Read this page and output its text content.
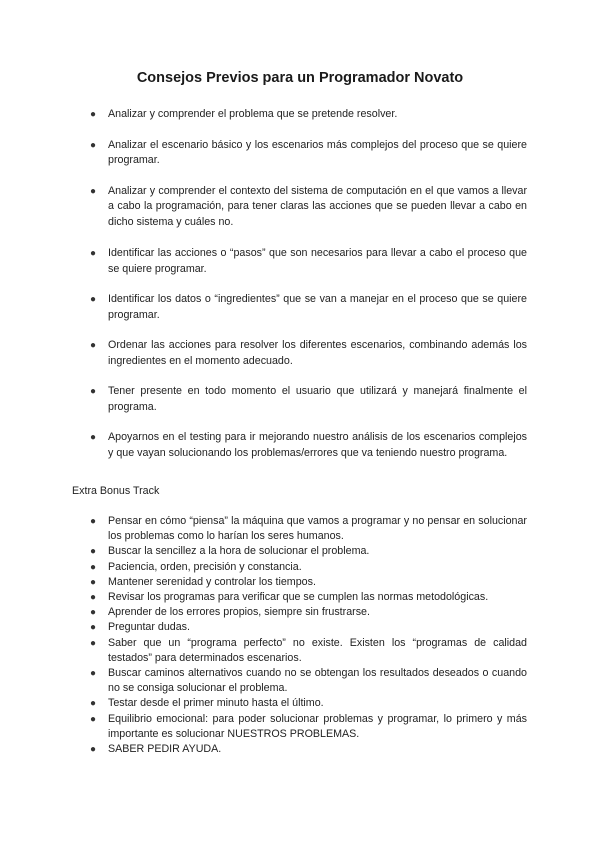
Consejos Previos para un Programador Novato
● Analizar y comprender el problema que se pretende resolver.
● Analizar el escenario básico y los escenarios más complejos del proceso que se quiere programar.
● Analizar y comprender el contexto del sistema de computación en el que vamos a llevar a cabo la programación, para tener claras las acciones que se pueden llevar a cabo en dicho sistema y cuáles no.
● Identificar las acciones o “pasos” que son necesarios para llevar a cabo el proceso que se quiere programar.
● Identificar los datos o “ingredientes” que se van a manejar en el proceso que se quiere programar.
● Ordenar las acciones para resolver los diferentes escenarios, combinando además los ingredientes en el momento adecuado.
● Tener presente en todo momento el usuario que utilizará y manejará finalmente el programa.
● Apoyarnos en el testing para ir mejorando nuestro análisis de los escenarios complejos y que vayan solucionando los problemas/errores que va teniendo nuestro programa.

Extra Bonus Track

● Pensar en cómo “piensa” la máquina que vamos a programar y no pensar en solucionar los problemas como lo harían los seres humanos.
● Buscar la sencillez a la hora de solucionar el problema.
● Paciencia, orden, precisión y constancia.
● Mantener serenidad y controlar los tiempos.
● Revisar los programas para verificar que se cumplen las normas metodológicas.
● Aprender de los errores propios, siempre sin frustrarse.
● Preguntar dudas.
● Saber que un “programa perfecto” no existe. Existen los “programas de calidad testados” para determinados escenarios.
● Buscar caminos alternativos cuando no se obtengan los resultados deseados o cuando no se consiga solucionar el problema.
● Testar desde el primer minuto hasta el último.
● Equilibrio emocional: para poder solucionar problemas y programar, lo primero y más importante es solucionar NUESTROS PROBLEMAS.
● SABER PEDIR AYUDA.
